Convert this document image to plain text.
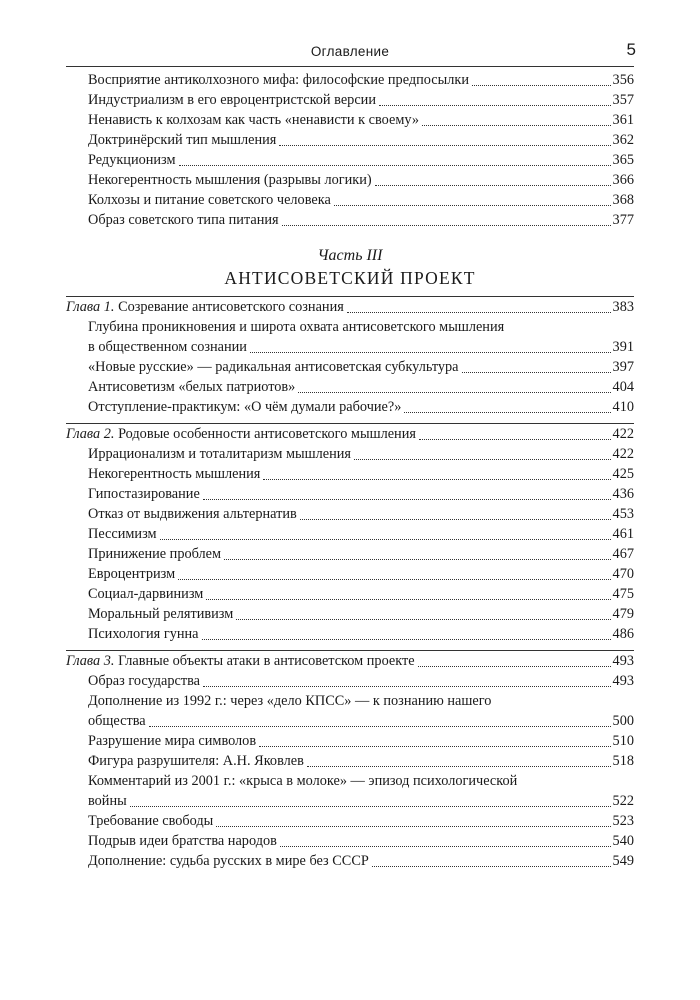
Оглавление	5
Восприятие антиколхозного мифа: философские предпосылки	356
Индустриализм в его евроцентристской версии	357
Ненависть к колхозам как часть «ненависти к своему»	361
Доктринёрский тип мышления	362
Редукционизм	365
Некогерентность мышления (разрывы логики)	366
Колхозы и питание советского человека	368
Образ советского типа питания	377
Часть III
АНТИСОВЕТСКИЙ ПРОЕКТ
Глава 1. Созревание антисоветского сознания	383
Глубина проникновения и широта охвата антисоветского мышления
в общественном сознании	391
«Новые русские» — радикальная антисоветская субкультура	397
Антисоветизм «белых патриотов»	404
Отступление-практикум: «О чём думали рабочие?»	410
Глава 2. Родовые особенности антисоветского мышления	422
Иррационализм и тоталитаризм мышления	422
Некогерентность мышления	425
Гипостазирование	436
Отказ от выдвижения альтернатив	453
Пессимизм	461
Принижение проблем	467
Евроцентризм	470
Социал-дарвинизм	475
Моральный релятивизм	479
Психология гунна	486
Глава 3. Главные объекты атаки в антисоветском проекте	493
Образ государства	493
Дополнение из 1992 г.: через «дело КПСС» — к познанию нашего
общества	500
Разрушение мира символов	510
Фигура разрушителя: А.Н. Яковлев	518
Комментарий из 2001 г.: «крыса в молоке» — эпизод психологической
войны	522
Требование свободы	523
Подрыв идеи братства народов	540
Дополнение: судьба русских в мире без СССР	549
